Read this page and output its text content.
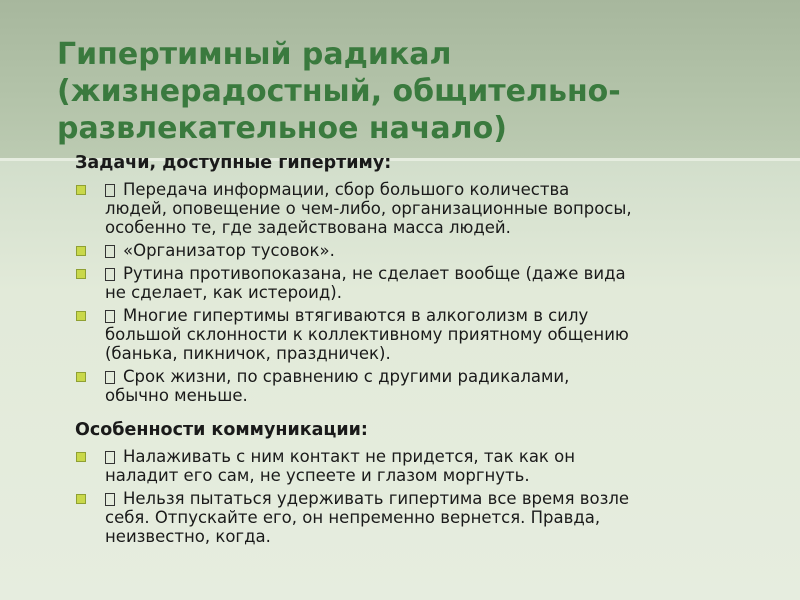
Гипертимный радикал
(жизнерадостный, общительно-
развлекательное начало)
Задачи, доступные гипертиму:
Передача информации, сбор большого количества
людей, оповещение о чем-либо, организационные вопросы,
особенно те, где задействована масса людей.
«Организатор тусовок».
Рутина противопоказана, не сделает вообще (даже вида
не сделает, как истероид).
Многие гипертимы втягиваются в алкоголизм в силу
большой склонности к коллективному приятному общению
(банька, пикничок, праздничек).
Срок жизни, по сравнению с другими радикалами,
обычно меньше.
Особенности коммуникации:
Налаживать с ним контакт не придется, так как он
наладит его сам, не успеете и глазом моргнуть.
Нельзя пытаться удерживать гипертима все время возле
себя. Отпускайте его, он непременно вернется. Правда,
неизвестно, когда.
